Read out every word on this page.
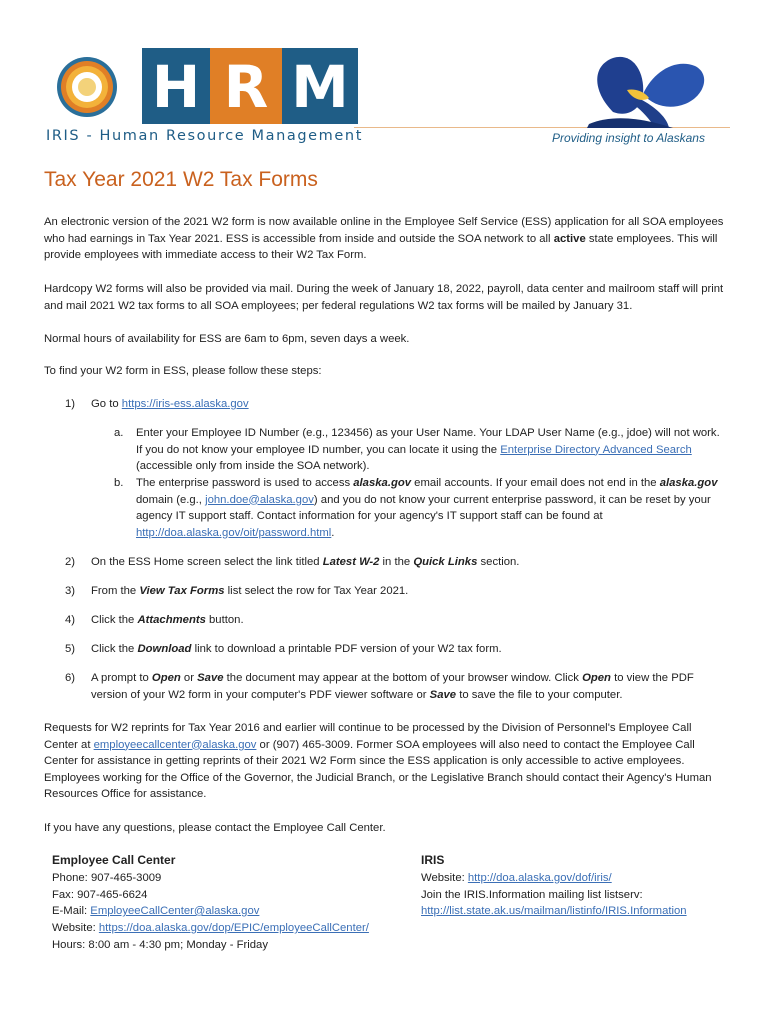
H R M
IRIS - Human Resource Management	Providing insight to Alaskans
Tax Year 2021 W2 Tax Forms
An electronic version of the 2021 W2 form is now available online in the Employee Self Service (ESS) application for all SOA employees who had earnings in Tax Year 2021. ESS is accessible from inside and outside the SOA network to all active state employees. This will provide employees with immediate access to their W2 Tax Form.
Hardcopy W2 forms will also be provided via mail. During the week of January 18, 2022, payroll, data center and mailroom staff will print and mail 2021 W2 tax forms to all SOA employees; per federal regulations W2 tax forms will be mailed by January 31.
Normal hours of availability for ESS are 6am to 6pm, seven days a week.
To find your W2 form in ESS, please follow these steps:
1) Go to https://iris-ess.alaska.gov
a. Enter your Employee ID Number (e.g., 123456) as your User Name. Your LDAP User Name (e.g., jdoe) will not work. If you do not know your employee ID number, you can locate it using the Enterprise Directory Advanced Search (accessible only from inside the SOA network).
b. The enterprise password is used to access alaska.gov email accounts. If your email does not end in the alaska.gov domain (e.g., john.doe@alaska.gov) and you do not know your current enterprise password, it can be reset by your agency IT support staff. Contact information for your agency's IT support staff can be found at http://doa.alaska.gov/oit/password.html.
2) On the ESS Home screen select the link titled Latest W-2 in the Quick Links section.
3) From the View Tax Forms list select the row for Tax Year 2021.
4) Click the Attachments button.
5) Click the Download link to download a printable PDF version of your W2 tax form.
6) A prompt to Open or Save the document may appear at the bottom of your browser window. Click Open to view the PDF version of your W2 form in your computer's PDF viewer software or Save to save the file to your computer.
Requests for W2 reprints for Tax Year 2016 and earlier will continue to be processed by the Division of Personnel's Employee Call Center at employeecallcenter@alaska.gov or (907) 465-3009. Former SOA employees will also need to contact the Employee Call Center for assistance in getting reprints of their 2021 W2 Form since the ESS application is only accessible to active employees. Employees working for the Office of the Governor, the Judicial Branch, or the Legislative Branch should contact their Agency's Human Resources Office for assistance.
If you have any questions, please contact the Employee Call Center.
Employee Call Center
Phone: 907-465-3009
Fax: 907-465-6624
E-Mail: EmployeeCallCenter@alaska.gov
Website: https://doa.alaska.gov/dop/EPIC/employeeCallCenter/
Hours: 8:00 am - 4:30 pm; Monday - Friday
IRIS
Website: http://doa.alaska.gov/dof/iris/
Join the IRIS.Information mailing list listserv:
http://list.state.ak.us/mailman/listinfo/IRIS.Information
